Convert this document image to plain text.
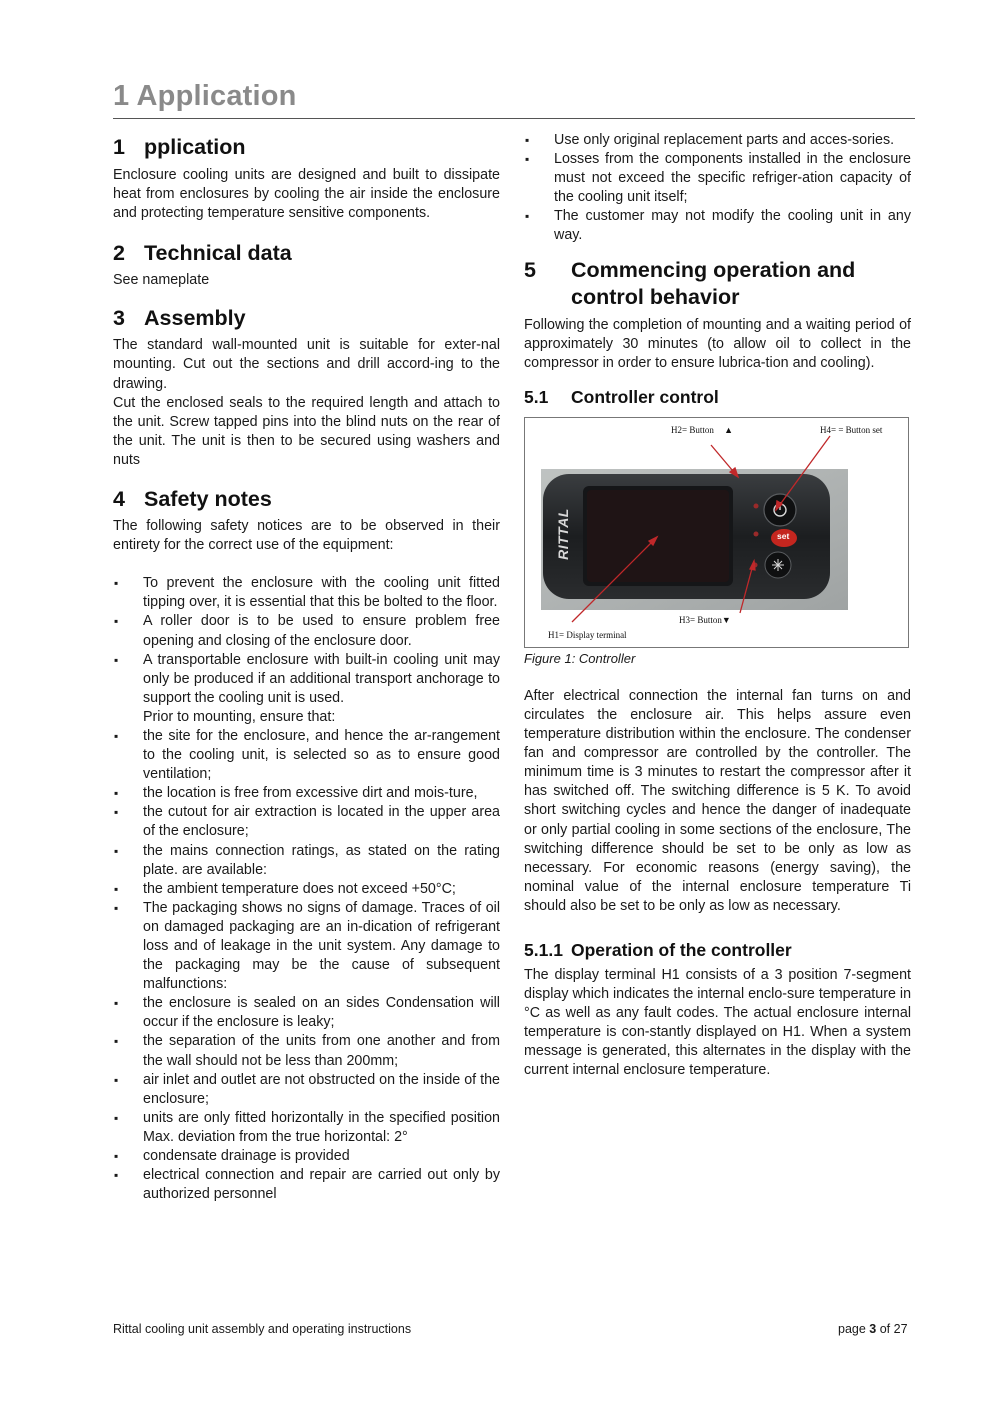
1 Application
1 pplication

Enclosure cooling units are designed and built to dissipate heat from enclosures by cooling the air inside the enclosure and protecting temperature sensitive components.

2 Technical data

See nameplate

3 Assembly

The standard wall-mounted unit is suitable for exter-nal mounting. Cut out the sections and drill accord-ing to the drawing.

Cut the enclosed seals to the required length and attach to the unit. Screw tapped pins into the blind nuts on the rear of the unit. The unit is then to be secured using washers and nuts

4 Safety notes

The following safety notices are to be observed in their entirety for the correct use of the equipment:

▪ To prevent the enclosure with the cooling unit fitted tipping over, it is essential that this be bolted to the floor.
▪ A roller door is to be used to ensure problem free opening and closing of the enclosure door.
▪ A transportable enclosure with built-in cooling unit may only be produced if an additional transport anchorage to support the cooling unit is used.
Prior to mounting, ensure that:
▪ the site for the enclosure, and hence the ar-rangement to the cooling unit, is selected so as to ensure good ventilation;
▪ the location is free from excessive dirt and mois-ture,
▪ the cutout for air extraction is located in the upper area of the enclosure;
▪ the mains connection ratings, as stated on the rating plate. are available:
▪ the ambient temperature does not exceed +50°C;
▪ The packaging shows no signs of damage. Traces of oil on damaged packaging are an in-dication of refrigerant loss and of leakage in the unit system. Any damage to the packaging may be the cause of subsequent malfunctions:
▪ the enclosure is sealed on an sides Condensation will occur if the enclosure is leaky;
▪ the separation of the units from one another and from the wall should not be less than 200mm;
▪ air inlet and outlet are not obstructed on the inside of the enclosure;
▪ units are only fitted horizontally in the specified position Max. deviation from the true horizontal: 2°
▪ condensate drainage is provided
▪ electrical connection and repair are carried out only by authorized personnel
▪ Use only original replacement parts and acces-sories.
▪ Losses from the components installed in the enclosure must not exceed the specific refriger-ation capacity of the cooling unit itself;
▪ The customer may not modify the cooling unit in any way.
5	Commencing operation and control behavior

Following the completion of mounting and a waiting period of approximately 30 minutes (to allow oil to collect in the compressor in order to ensure lubrica-tion and cooling).

5.1 Controller control
H2= Button ▲	H4= = Button set
H3= Button▼
H1= Display terminal
RITTAL	set
Figure 1: Controller

After electrical connection the internal fan turns on and circulates the enclosure air. This helps assure even temperature distribution within the enclosure. The condenser fan and compressor are controlled by the controller. The minimum time is 3 minutes to restart the compressor after it has switched off. The switching difference is 5 K. To avoid short switching cycles and hence the danger of inadequate or only partial cooling in some sections of the enclosure, The switching difference should be set to be only as low as necessary. For economic reasons (energy saving), the nominal value of the internal enclosure temperature Ti should also be set to be only as low as necessary.

5.1.1 Operation of the controller

The display terminal H1 consists of a 3 position 7-segment display which indicates the internal enclo-sure temperature in °C as well as any fault codes. The actual enclosure internal temperature is con-stantly displayed on H1. When a system message is generated, this alternates in the display with the current internal enclosure temperature.

Rittal cooling unit assembly and operating instructions	page 3 of 27
